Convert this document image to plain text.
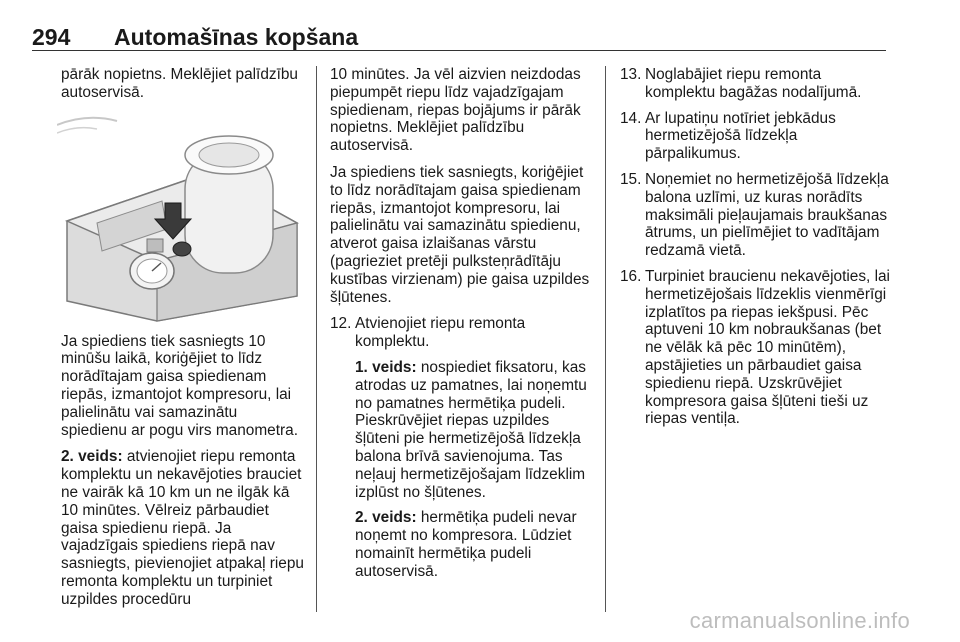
294 Automašīnas kopšana

pārāk nopietns. Meklējiet palīdzību autoservisā.

Ja spiediens tiek sasniegts 10 minūšu laikā, koriģējiet to līdz norādītajam gaisa spiedienam riepās, izmantojot kompresoru, lai palielinātu vai samazinātu spiedienu ar pogu virs manometra.

2. veids: atvienojiet riepu remonta komplektu un nekavējoties brauciet ne vairāk kā 10 km un ne ilgāk kā 10 minūtes. Vēlreiz pārbaudiet gaisa spiedienu riepā. Ja vajadzīgais spiediens riepā nav sasniegts, pievienojiet atpakaļ riepu remonta komplektu un turpiniet uzpildes procedūru

10 minūtes. Ja vēl aizvien neizdodas piepumpēt riepu līdz vajadzīgajam spiedienam, riepas bojājums ir pārāk nopietns. Meklējiet palīdzību autoservisā.

Ja spiediens tiek sasniegts, koriģējiet to līdz norādītajam gaisa spiedienam riepās, izmantojot kompresoru, lai palielinātu vai samazinātu spiedienu, atverot gaisa izlaišanas vārstu (pagrieziet pretēji pulksteņrādītāju kustības virzienam) pie gaisa uzpildes šļūtenes.

12. Atvienojiet riepu remonta komplektu.

1. veids: nospiediet fiksatoru, kas atrodas uz pamatnes, lai noņemtu no pamatnes hermētiķa pudeli. Pieskrūvējiet riepas uzpildes šļūteni pie hermetizējošā līdzekļa balona brīvā savienojuma. Tas neļauj hermetizējošajam līdzeklim izplūst no šļūtenes.

2. veids: hermētiķa pudeli nevar noņemt no kompresora. Lūdziet nomainīt hermētiķa pudeli autoservisā.

13. Noglabājiet riepu remonta komplektu bagāžas nodalījumā.

14. Ar lupatiņu notīriet jebkādus hermetizējošā līdzekļa pārpalikumus.

15. Noņemiet no hermetizējošā līdzekļa balona uzlīmi, uz kuras norādīts maksimāli pieļaujamais braukšanas ātrums, un pielīmējiet to vadītājam redzamā vietā.

16. Turpiniet braucienu nekavējoties, lai hermetizējošais līdzeklis vienmērīgi izplatītos pa riepas iekšpusi. Pēc aptuveni 10 km nobraukšanas (bet ne vēlāk kā pēc 10 minūtēm), apstājieties un pārbaudiet gaisa spiedienu riepā. Uzskrūvējiet kompresora gaisa šļūteni tieši uz riepas ventiļa.

carmanualsonline.info
